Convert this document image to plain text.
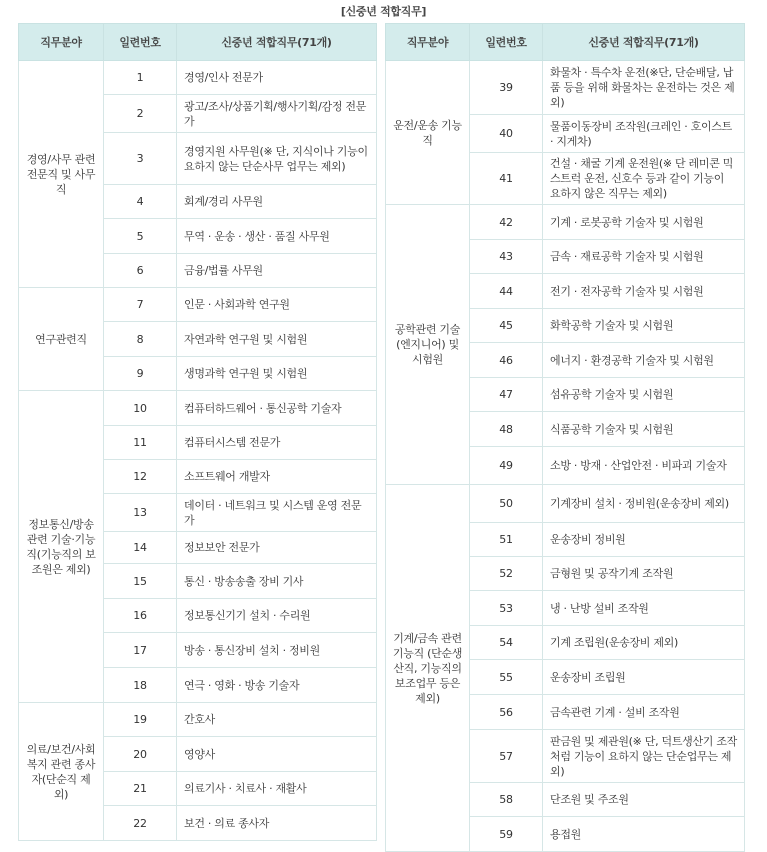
[신중년 적합직무]
직무분야	일련번호	신중년 적합직무(71개)
경영/사무 관련 전문직 및 사무직	1	경영/인사 전문가
	2	광고/조사/상품기획/행사기획/감정 전문가
	3	경영지원 사무원(※ 단, 지식이나 기능이 요하지 않는 단순사무 업무는 제외)
	4	회계/경리 사무원
	5	무역 · 운송 · 생산 · 품질 사무원
	6	금융/법률 사무원
연구관련직	7	인문 · 사회과학 연구원
	8	자연과학 연구원 및 시험원
	9	생명과학 연구원 및 시험원
정보통신/방송 관련 기술·기능직(기능직의 보조원은 제외)	10	컴퓨터하드웨어 · 통신공학 기술자
	11	컴퓨터시스템 전문가
	12	소프트웨어 개발자
	13	데이터 · 네트워크 및 시스템 운영 전문가
	14	정보보안 전문가
	15	통신 · 방송송출 장비 기사
	16	정보통신기기 설치 · 수리원
	17	방송 · 통신장비 설치 · 정비원
	18	연극 · 영화 · 방송 기술자
의료/보건/사회복지 관련 종사자(단순직 제외)	19	간호사
	20	영양사
	21	의료기사 · 치료사 · 재활사
	22	보건 · 의료 종사자
직무분야	일련번호	신중년 적합직무(71개)
운전/운송 기능직	39	화물차 · 특수차 운전(※단, 단순배달, 납품 등을 위해 화물차는 운전하는 것은 제외)
	40	물품이동장비 조작원(크레인 · 호이스트 · 지게차)
	41	건설 · 채굴 기계 운전원(※ 단 레미콘 믹스트럭 운전, 신호수 등과 같이 기능이 요하지 않은 직무는 제외)
공학관련 기술(엔지니어) 및 시험원	42	기계 · 로봇공학 기술자 및 시험원
	43	금속 · 재료공학 기술자 및 시험원
	44	전기 · 전자공학 기술자 및 시험원
	45	화학공학 기술자 및 시험원
	46	에너지 · 환경공학 기술자 및 시험원
	47	섬유공학 기술자 및 시험원
	48	식품공학 기술자 및 시험원
	49	소방 · 방재 · 산업안전 · 비파괴 기술자
기계/금속 관련 기능직 (단순생산직, 기능직의 보조업무 등은 제외)	50	기계장비 설치 · 정비원(운송장비 제외)
	51	운송장비 정비원
	52	금형원 및 공작기계 조작원
	53	냉 · 난방 설비 조작원
	54	기계 조립원(운송장비 제외)
	55	운송장비 조립원
	56	금속관련 기계 · 설비 조작원
	57	판금원 및 제관원(※ 단, 덕트생산기 조작처럼 기능이 요하지 않는 단순업무는 제외)
	58	단조원 및 주조원
	59	용접원
